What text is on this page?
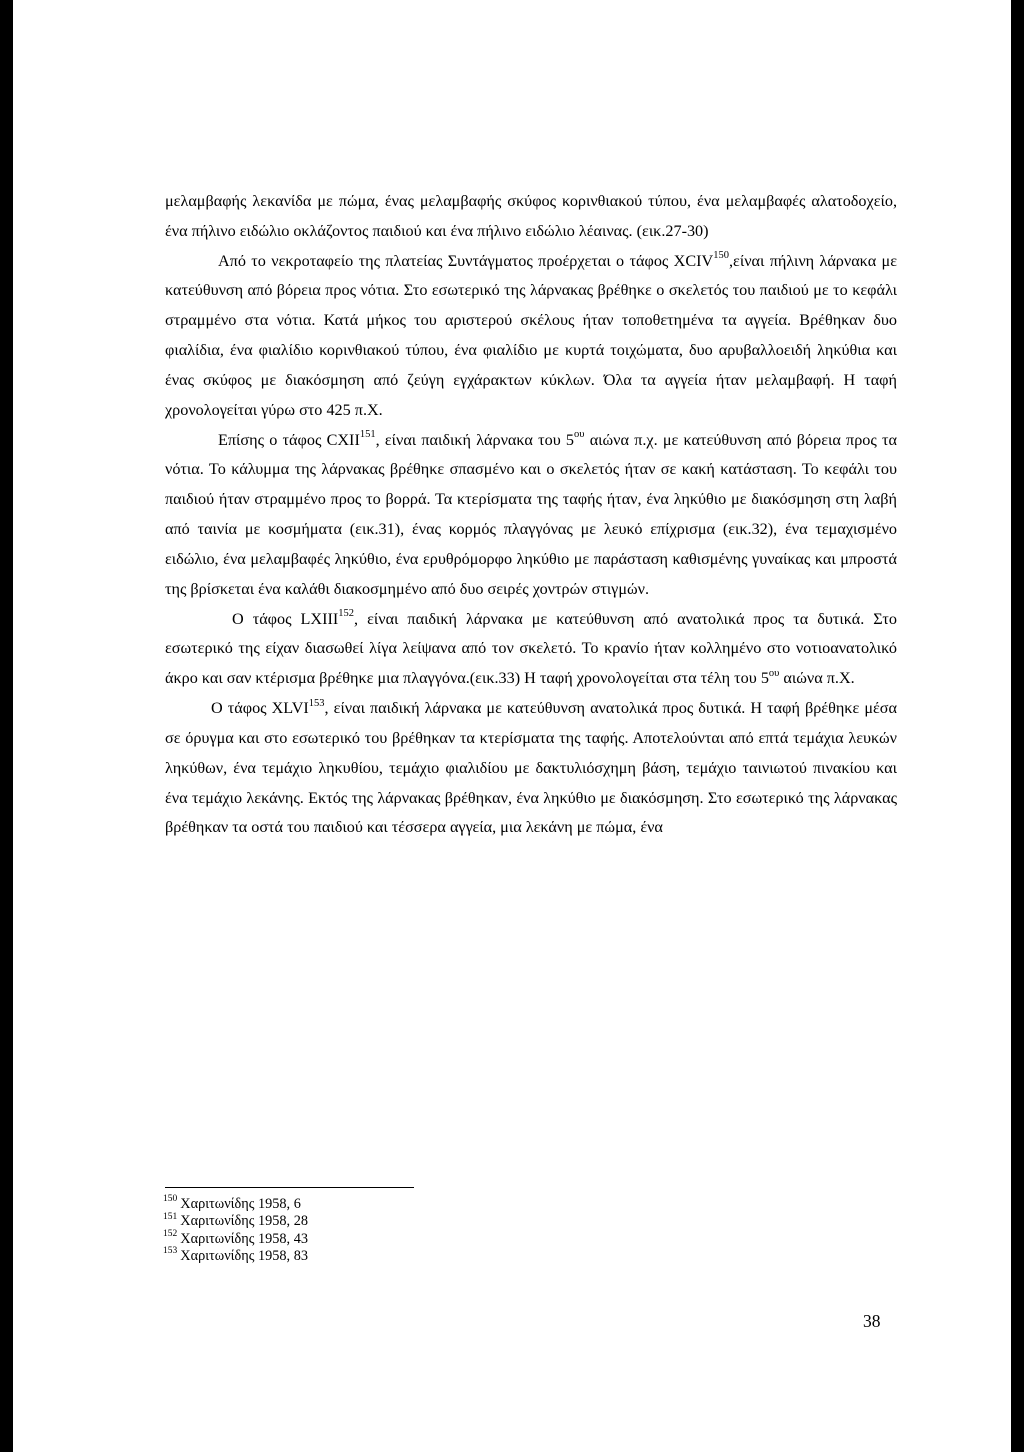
μελαμβαφής λεκανίδα με πώμα, ένας μελαμβαφής σκύφος κορινθιακού τύπου, ένα μελαμβαφές αλατοδοχείο, ένα πήλινο ειδώλιο οκλάζοντος παιδιού και ένα πήλινο ειδώλιο λέαινας. (εικ.27-30)

Από το νεκροταφείο της πλατείας Συντάγματος προέρχεται ο τάφος XCIV$^{150}$,είναι πήλινη λάρνακα με κατεύθυνση από βόρεια προς νότια. Στο εσωτερικό της λάρνακας βρέθηκε ο σκελετός του παιδιού με το κεφάλι στραμμένο στα νότια. Κατά μήκος του αριστερού σκέλους ήταν τοποθετημένα τα αγγεία. Βρέθηκαν δυο φιαλίδια, ένα φιαλίδιο κορινθιακού τύπου, ένα φιαλίδιο με κυρτά τοιχώματα, δυο αρυβαλλοειδή ληκύθια και ένας σκύφος με διακόσμηση από ζεύγη εγχάρακτων κύκλων. Όλα τα αγγεία ήταν μελαμβαφή. Η ταφή χρονολογείται γύρω στο 425 π.Χ.

Επίσης ο τάφος CXII$^{151}$, είναι παιδική λάρνακα του $5^{o\upsilon}$ αιώνα π.χ. με κατεύθυνση από βόρεια προς τα νότια. Το κάλυμμα της λάρνακας βρέθηκε σπασμένο και ο σκελετός ήταν σε κακή κατάσταση. Το κεφάλι του παιδιού ήταν στραμμένο προς το βορρά. Τα κτερίσματα της ταφής ήταν, ένα ληκύθιο με διακόσμηση στη λαβή από ταινία με κοσμήματα (εικ.31), ένας κορμός πλαγγόνας με λευκό επίχρισμα (εικ.32), ένα τεμαχισμένο ειδώλιο, ένα μελαμβαφές ληκύθιο, ένα ερυθρόμορφο ληκύθιο με παράσταση καθισμένης γυναίκας και μπροστά της βρίσκεται ένα καλάθι διακοσμημένο από δυο σειρές χοντρών στιγμών.

Ο τάφος LXIII$^{152}$, είναι παιδική λάρνακα με κατεύθυνση από ανατολικά προς τα δυτικά. Στο εσωτερικό της είχαν διασωθεί λίγα λείψανα από τον σκελετό. Το κρανίο ήταν κολλημένο στο νοτιοανατολικό άκρο και σαν κτέρισμα βρέθηκε μια πλαγγόνα.(εικ.33) Η ταφή χρονολογείται στα τέλη του $5^{o\upsilon}$ αιώνα π.Χ.

Ο τάφος XLVI$^{153}$, είναι παιδική λάρνακα με κατεύθυνση ανατολικά προς δυτικά. Η ταφή βρέθηκε μέσα σε όρυγμα και στο εσωτερικό του βρέθηκαν τα κτερίσματα της ταφής. Αποτελούνται από επτά τεμάχια λευκών ληκύθων, ένα τεμάχιο ληκυθίου, τεμάχιο φιαλιδίου με δακτυλιόσχημη βάση, τεμάχιο ταινιωτού πινακίου και ένα τεμάχιο λεκάνης. Εκτός της λάρνακας βρέθηκαν, ένα ληκύθιο με διακόσμηση. Στο εσωτερικό της λάρνακας βρέθηκαν τα οστά του παιδιού και τέσσερα αγγεία, μια λεκάνη με πώμα, ένα

$^{150}$ Χαριτωνίδης 1958, 6
$^{151}$ Χαριτωνίδης 1958, 28
$^{152}$ Χαριτωνίδης 1958, 43
$^{153}$ Χαριτωνίδης 1958, 83
38
